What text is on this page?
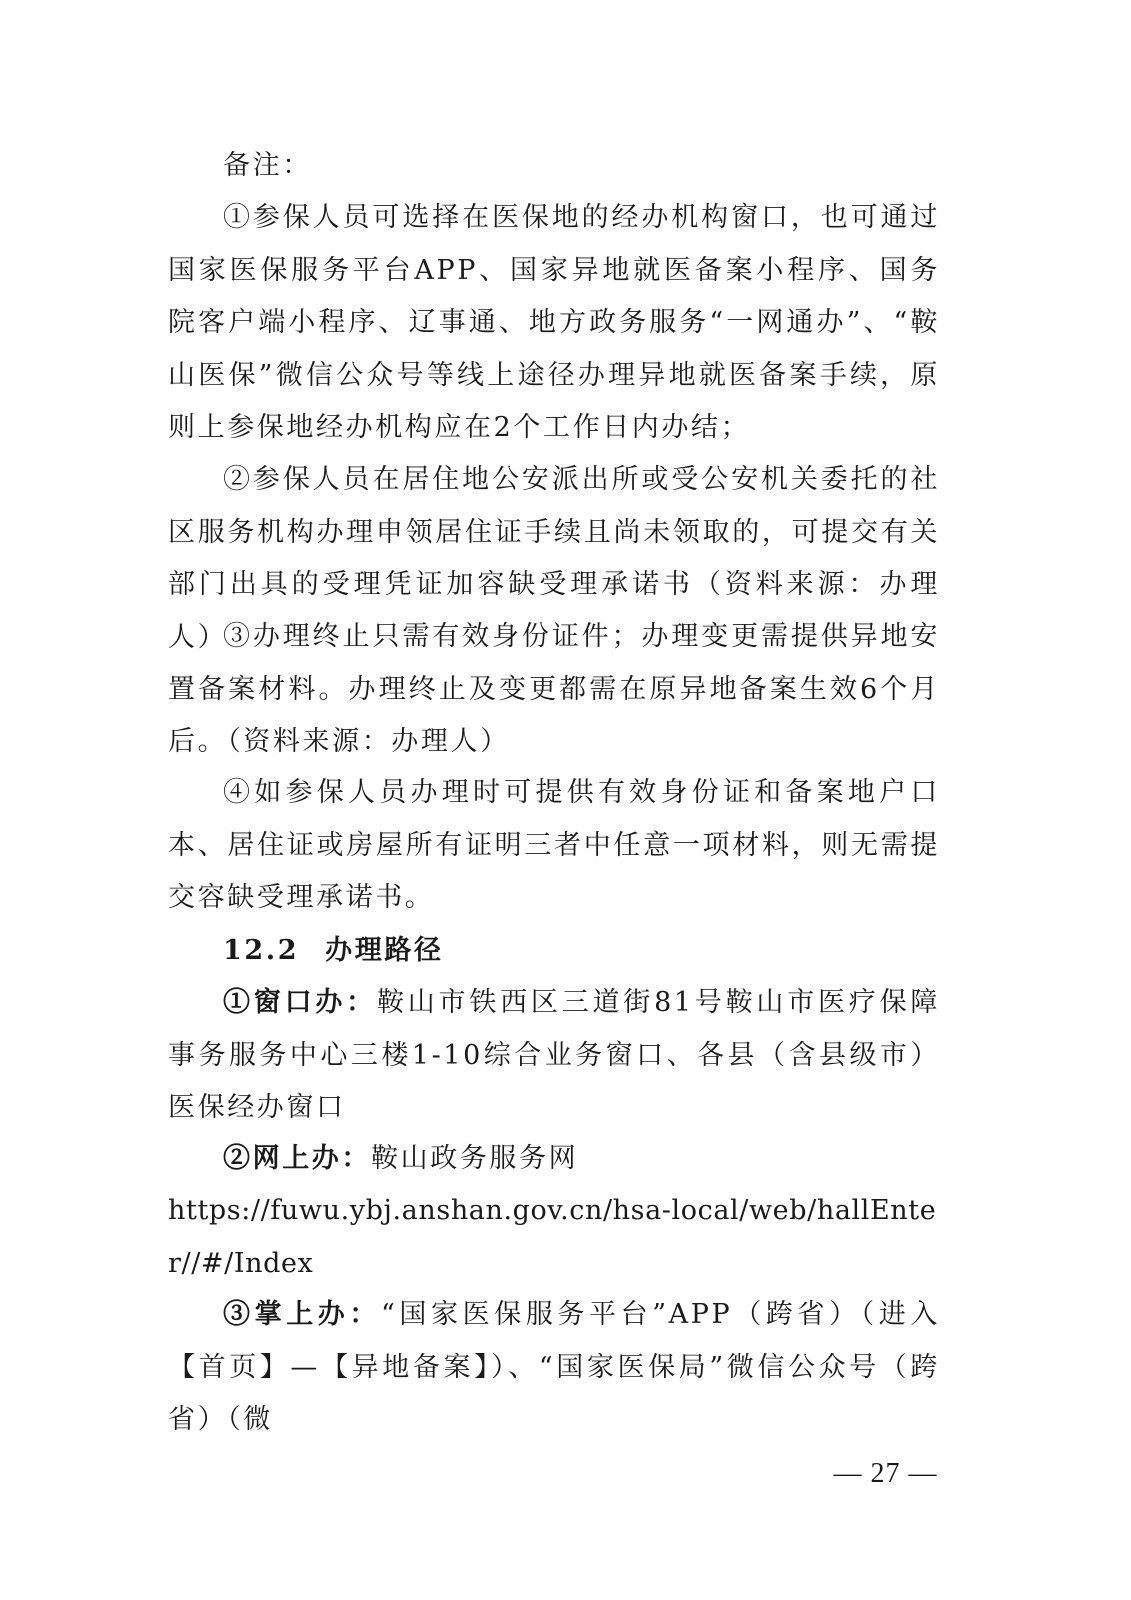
备注：

①参保人员可选择在医保地的经办机构窗口，也可通过国家医保服务平台APP、国家异地就医备案小程序、国务院客户端小程序、辽事通、地方政务服务“一网通办”、“鞍山医保”微信公众号等线上途径办理异地就医备案手续，原则上参保地经办机构应在2个工作日内办结；

②参保人员在居住地公安派出所或受公安机关委托的社区服务机构办理申领居住证手续且尚未领取的，可提交有关部门出具的受理凭证加容缺受理承诺书（资料来源：办理人）

③办理终止只需有效身份证件；办理变更需提供异地安置备案材料。办理终止及变更都需在原异地备案生效6个月后。（资料来源：办理人）

④如参保人员办理时可提供有效身份证和备案地户口本、居住证或房屋所有证明三者中任意一项材料，则无需提交容缺受理承诺书。

12.2 办理路径

①窗口办：鞍山市铁西区三道街81号鞍山市医疗保障事务服务中心三楼1-10综合业务窗口、各县（含县级市）医保经办窗口

②网上办：鞍山政务服务网

https://fuwu.ybj.anshan.gov.cn/hsa-local/web/hallEnter//#/Index

③掌上办：“国家医保服务平台”APP（跨省）（进入【首页】—【异地备案】）、“国家医保局”微信公众号（跨省）（微

— 27 —
